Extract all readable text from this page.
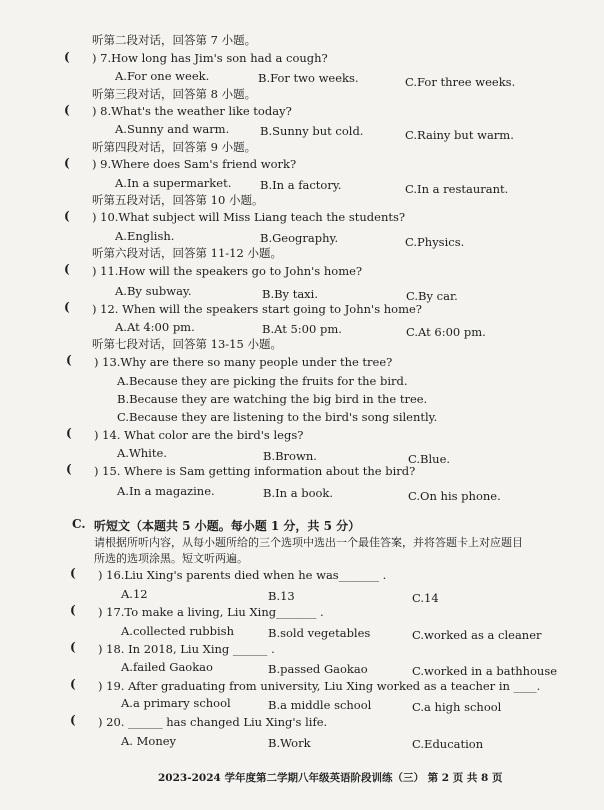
听第二段对话，回答第 7 小题。
( ) 7.How long has Jim's son had a cough?
A.For one week.	B.For two weeks.	C.For three weeks.
听第三段对话，回答第 8 小题。
( ) 8.What's the weather like today?
A.Sunny and warm.	B.Sunny but cold.	C.Rainy but warm.
听第四段对话，回答第 9 小题。
( ) 9.Where does Sam's friend work?
A.In a supermarket. B.In a factory.	C.In a restaurant.
听第五段对话，回答第 10 小题。
( ) 10.What subject will Miss Liang teach the students?
A.English.	B.Geography.	C.Physics.
听第六段对话，回答第 11-12 小题。
( ) 11.How will the speakers go to John's home?
A.By subway.	B.By taxi.	C.By car.
( ) 12. When will the speakers start going to John's home?
A.At 4:00 pm.	B.At 5:00 pm.	C.At 6:00 pm.
听第七段对话，回答第 13-15 小题。
( ) 13.Why are there so many people under the tree?
A.Because they are picking the fruits for the bird.
B.Because they are watching the big bird in the tree.
C.Because they are listening to the bird's song silently.
( ) 14. What color are the bird's legs?
A.White.	B.Brown.	C.Blue.
( ) 15. Where is Sam getting information about the bird?
A.In a magazine.	B.In a book.	C.On his phone.
C. 听短文（本题共 5 小题。每小题 1 分，共 5 分）
请根据所听内容，从每小题所给的三个选项中选出一个最佳答案，并将答题卡上对应题目
所选的选项涂黑。短文听两遍。
( ) 16.Liu Xing's parents died when he was_______ .
A.12	B.13	C.14
( ) 17.To make a living, Liu Xing_______ .
A.collected rubbish	B.sold vegetables	C.worked as a cleaner
( ) 18. In 2018, Liu Xing ______ .
A.failed Gaokao	B.passed Gaokao	C.worked in a bathhouse
( ) 19. After graduating from university, Liu Xing worked as a teacher in ____.
A.a primary school	B.a middle school	C.a high school
( ) 20. ______ has changed Liu Xing's life.
A. Money	B.Work	C.Education
2023-2024 学年度第二学期八年级英语阶段训练（三） 第 2 页 共 8 页
